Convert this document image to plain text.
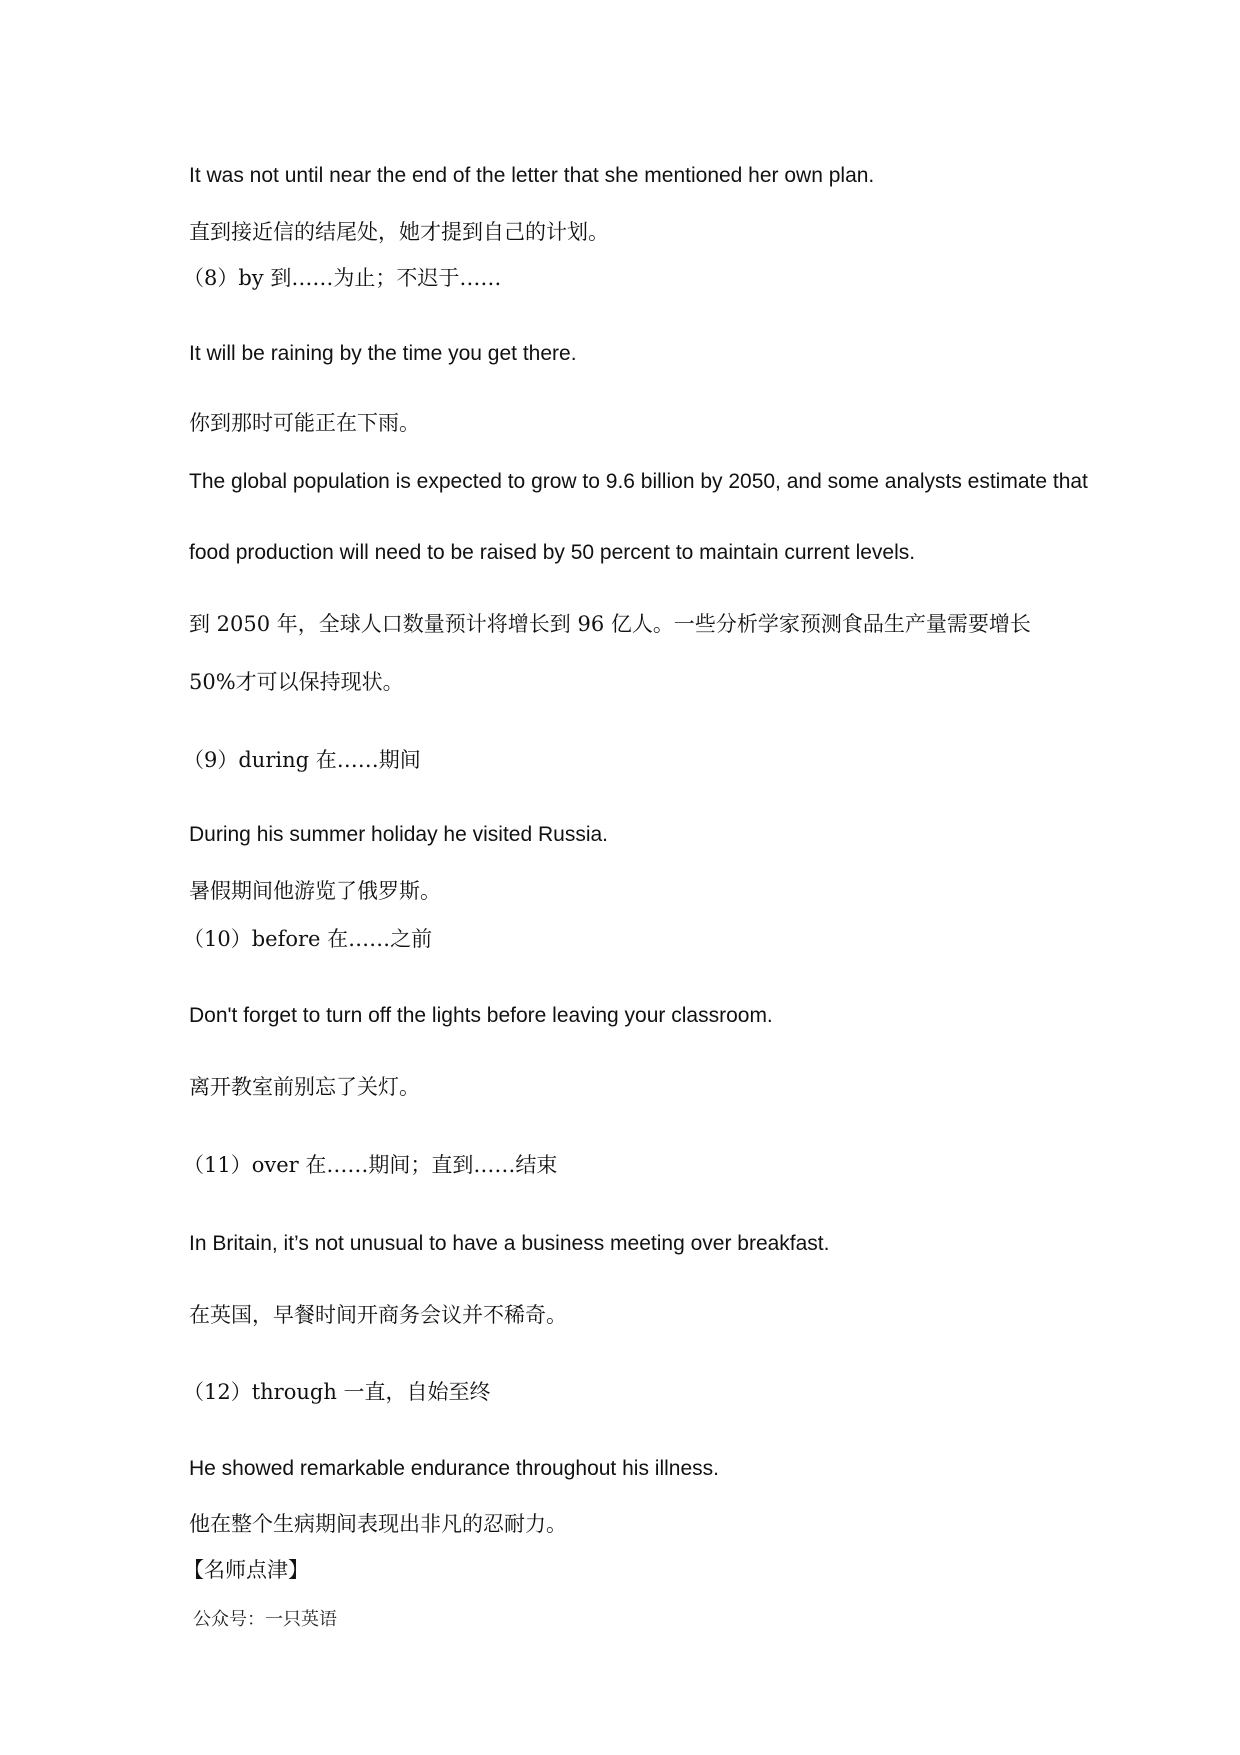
It was not until near the end of the letter that she mentioned her own plan.

直到接近信的结尾处，她才提到自己的计划。

（8）by 到……为止；不迟于……

It will be raining by the time you get there.

你到那时可能正在下雨。

The global population is expected to grow to 9.6 billion by 2050, and some analysts estimate that

food production will need to be raised by 50 percent to maintain current levels.

到 2050 年，全球人口数量预计将增长到 96 亿人。一些分析学家预测食品生产量需要增长

50%才可以保持现状。

（9）during 在……期间

During his summer holiday he visited Russia.

暑假期间他游览了俄罗斯。

（10）before 在……之前

Don't forget to turn off the lights before leaving your classroom.

离开教室前别忘了关灯。

（11）over 在……期间；直到……结束

In Britain, it’s not unusual to have a business meeting over breakfast.

在英国，早餐时间开商务会议并不稀奇。

（12）through 一直，自始至终

He showed remarkable endurance throughout his illness.

他在整个生病期间表现出非凡的忍耐力。

【名师点津】

公众号：一只英语
